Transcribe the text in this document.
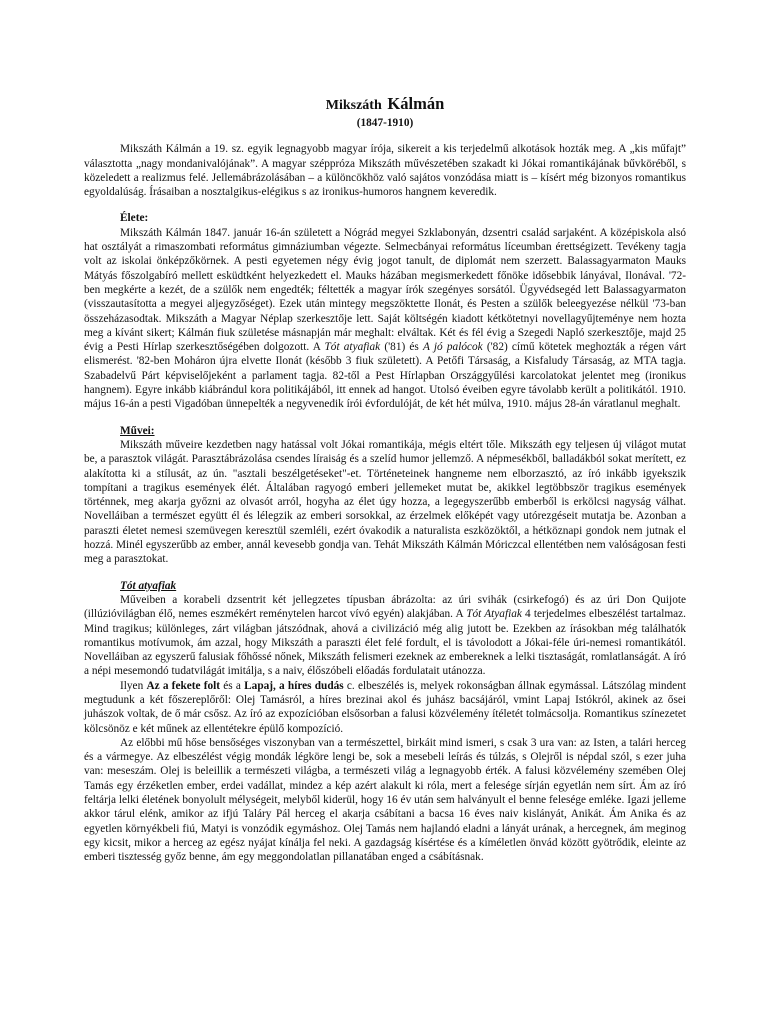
Mikszáth Kálmán
(1847-1910)

Mikszáth Kálmán a 19. sz. egyik legnagyobb magyar írója, sikereit a kis terjedelmű alkotások hozták meg. A „kis műfajt” választotta „nagy mondanivalójának”. A magyar széppróza Mikszáth művészetében szakadt ki Jókai romantikájának bűvköréből, s közeledett a realizmus felé. Jellemábrázolásában – a különcökhöz való sajátos vonzódása miatt is – kísért még bizonyos romantikus egyoldalúság. Írásaiban a nosztalgikus-elégikus s az ironikus-humoros hangnem keveredik.

Élete:

Mikszáth Kálmán 1847. január 16-án született a Nógrád megyei Szklabonyán, dzsentri család sarjaként. A középiskola alsó hat osztályát a rimaszombati református gimnáziumban végezte. Selmecbányai református líceumban érettségizett. Tevékeny tagja volt az iskolai önképzőkörnek. A pesti egyetemen négy évig jogot tanult, de diplomát nem szerzett. Balassagyarmaton Mauks Mátyás főszolgabíró mellett esküdtként helyezkedett el. Mauks házában megismerkedett főnöke idősebbik lányával, Ilonával. '72-ben megkérte a kezét, de a szülők nem engedték; féltették a magyar írók szegényes sorsától. Ügyvédsegéd lett Balassagyarmaton (visszautasította a megyei aljegyzőséget). Ezek után mintegy megszöktette Ilonát, és Pesten a szülők beleegyezése nélkül '73-ban összeházasodtak. Mikszáth a Magyar Néplap szerkesztője lett. Saját költségén kiadott kétkötetnyi novellagyűjteménye nem hozta meg a kívánt sikert; Kálmán fiuk születése másnapján már meghalt: elváltak. Két és fél évig a Szegedi Napló szerkesztője, majd 25 évig a Pesti Hírlap szerkesztőségében dolgozott. A Tót atyafiak ('81) és A jó palócok ('82) című kötetek meghozták a régen várt elismerést. '82-ben Moháron újra elvette Ilonát (később 3 fiuk született). A Petőfi Társaság, a Kisfaludy Társaság, az MTA tagja. Szabadelvű Párt képviselőjeként a parlament tagja. 82-től a Pest Hírlapban Országgyűlési karcolatokat jelentet meg (ironikus hangnem). Egyre inkább kiábrándul kora politikájából, itt ennek ad hangot. Utolsó éveiben egyre távolabb került a politikától. 1910. május 16-án a pesti Vigadóban ünnepelték a negyvenedik írói évfordulóját, de két hét múlva, 1910. május 28-án váratlanul meghalt.

Művei:

Mikszáth műveire kezdetben nagy hatással volt Jókai romantikája, mégis eltért tőle. Mikszáth egy teljesen új világot mutat be, a parasztok világát. Parasztábrázolása csendes líraiság és a szelíd humor jellemző. A népmesékből, balladákból sokat merített, ez alakította ki a stílusát, az ún. "asztali beszélgetéseket"-et. Történeteinek hangneme nem elborzasztó, az író inkább igyekszik tompítani a tragikus események élét. Általában ragyogó emberi jellemeket mutat be, akikkel legtöbbször tragikus események történnek, meg akarja győzni az olvasót arról, hogyha az élet úgy hozza, a legegyszerűbb emberből is erkölcsi nagyság válhat. Novelláiban a természet együtt él és lélegzik az emberi sorsokkal, az érzelmek előképét vagy utórezgéseit mutatja be. Azonban a paraszti életet nemesi szemüvegen keresztül szemléli, ezért óvakodik a naturalista eszközöktől, a hétköznapi gondok nem jutnak el hozzá. Minél egyszerűbb az ember, annál kevesebb gondja van. Tehát Mikszáth Kálmán Móriczcal ellentétben nem valóságosan festi meg a parasztokat.

Tót atyafiak

Műveiben a korabeli dzsentrit két jellegzetes típusban ábrázolta: az úri svihák (csirkefogó) és az úri Don Quijote (illúzióvilágban élő, nemes eszmékért reménytelen harcot vívó egyén) alakjában. A Tót Atyafiak 4 terjedelmes elbeszélést tartalmaz. Mind tragikus; különleges, zárt világban játszódnak, ahová a civilizáció még alig jutott be. Ezekben az írásokban még találhatók romantikus motívumok, ám azzal, hogy Mikszáth a paraszti élet felé fordult, el is távolodott a Jókai-féle úri-nemesi romantikától. Novelláiban az egyszerű falusiak főhőssé nőnek, Mikszáth felismeri ezeknek az embereknek a lelki tisztaságát, romlatlanságát. A író a népi mesemondó tudatvilágát imitálja, s a naiv, élőszóbeli előadás fordulatait utánozza.

Ilyen Az a fekete folt és a Lapaj, a híres dudás c. elbeszélés is, melyek rokonságban állnak egymással. Látszólag mindent megtudunk a két főszereplőről: Olej Tamásról, a híres brezinai akol és juhász bacsájáról, vmint Lapaj Istókról, akinek az ősei juhászok voltak, de ő már csősz. Az író az expozícióban elsősorban a falusi közvélemény ítéletét tolmácsolja. Romantikus színezetet kölcsönöz e két műnek az ellentétekre épülő kompozíció.

Az előbbi mű hőse bensőséges viszonyban van a természettel, birkáit mind ismeri, s csak 3 ura van: az Isten, a talári herceg és a vármegye. Az elbeszélést végig mondák légköre lengi be, sok a mesebeli leírás és túlzás, s Olejről is népdal szól, s ezer juha van: meseszám. Olej is beleillik a természeti világba, a természeti világ a legnagyobb érték. A falusi közvélemény szemében Olej Tamás egy érzéketlen ember, erdei vadállat, mindez a kép azért alakult ki róla, mert a felesége sírján egyetlán nem sírt. Ám az író feltárja lelki életének bonyolult mélységeit, melyből kiderül, hogy 16 év után sem halványult el benne felesége emléke. Igazi jelleme akkor tárul elénk, amikor az ifjú Taláry Pál herceg el akarja csábítani a bacsa 16 éves naiv kislányát, Anikát. Ám Anika és az egyetlen környékbeli fiú, Matyi is vonzódik egymáshoz. Olej Tamás nem hajlandó eladni a lányát urának, a hercegnek, ám meginog egy kicsit, mikor a herceg az egész nyájat kínálja fel neki. A gazdagság kísértése és a kíméletlen önvád között gyötrődik, eleinte az emberi tisztesség győz benne, ám egy meggondolatlan pillanatában enged a csábításnak.
